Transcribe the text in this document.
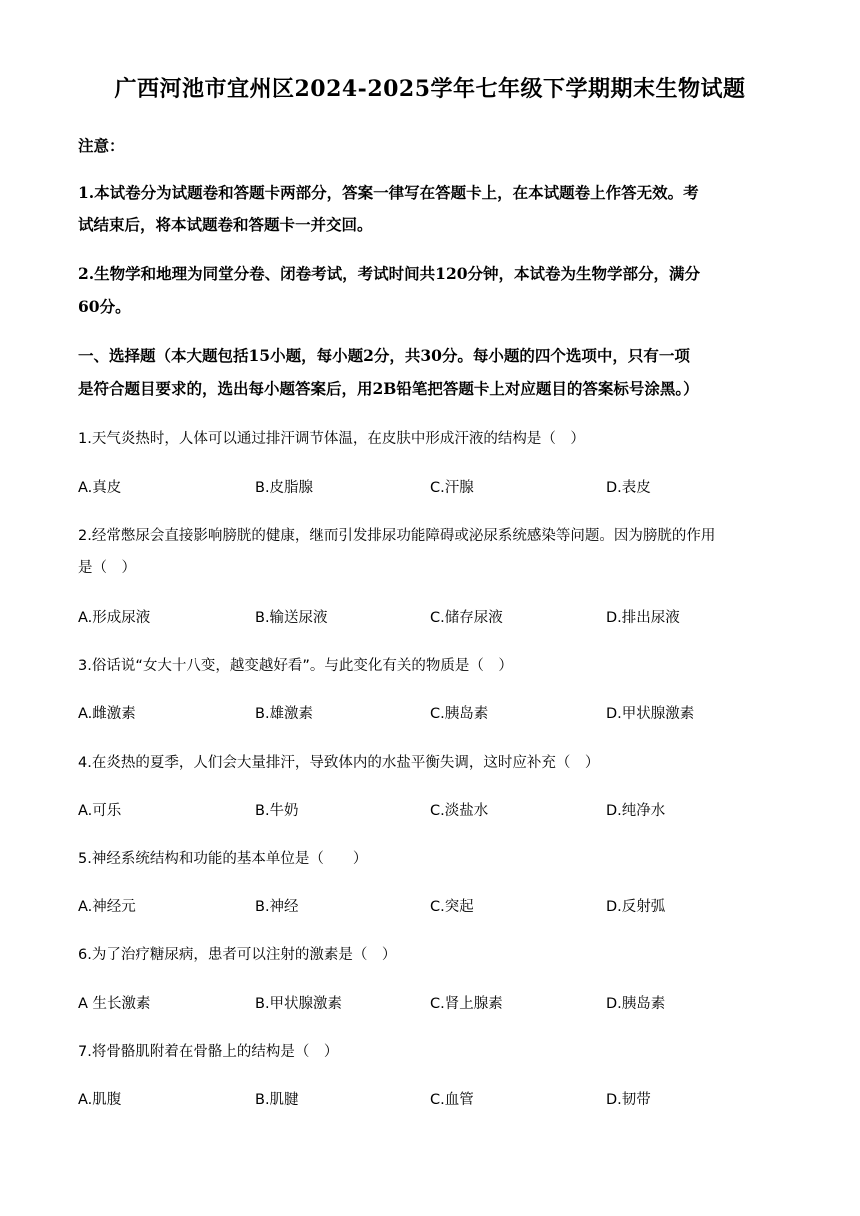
广西河池市宜州区2024-2025学年七年级下学期期末生物试题
注意：
1.本试卷分为试题卷和答题卡两部分，答案一律写在答题卡上，在本试题卷上作答无效。考
试结束后，将本试题卷和答题卡一并交回。
2.生物学和地理为同堂分卷、闭卷考试，考试时间共120分钟，本试卷为生物学部分，满分
60分。
一、选择题（本大题包括15小题，每小题2分，共30分。每小题的四个选项中，只有一项
是符合题目要求的，选出每小题答案后，用2B铅笔把答题卡上对应题目的答案标号涂黑。）
1.天气炎热时，人体可以通过排汗调节体温，在皮肤中形成汗液的结构是（　）
A.真皮	B.皮脂腺	C.汗腺	D.表皮
2.经常憋尿会直接影响膀胱的健康，继而引发排尿功能障碍或泌尿系统感染等问题。因为膀胱的作用
是（　）
A.形成尿液	B.输送尿液	C.储存尿液	D.排出尿液
3.俗话说“女大十八变，越变越好看”。与此变化有关的物质是（　）
A.雌激素	B.雄激素	C.胰岛素	D.甲状腺激素
4.在炎热的夏季，人们会大量排汗，导致体内的水盐平衡失调，这时应补充（　）
A.可乐	B.牛奶	C.淡盐水	D.纯净水
5.神经系统结构和功能的基本单位是（　　）
A.神经元	B.神经	C.突起	D.反射弧
6.为了治疗糖尿病，患者可以注射的激素是（　）
A 生长激素	B.甲状腺激素	C.肾上腺素	D.胰岛素
7.将骨骼肌附着在骨骼上的结构是（　）
A.肌腹	B.肌腱	C.血管	D.韧带
